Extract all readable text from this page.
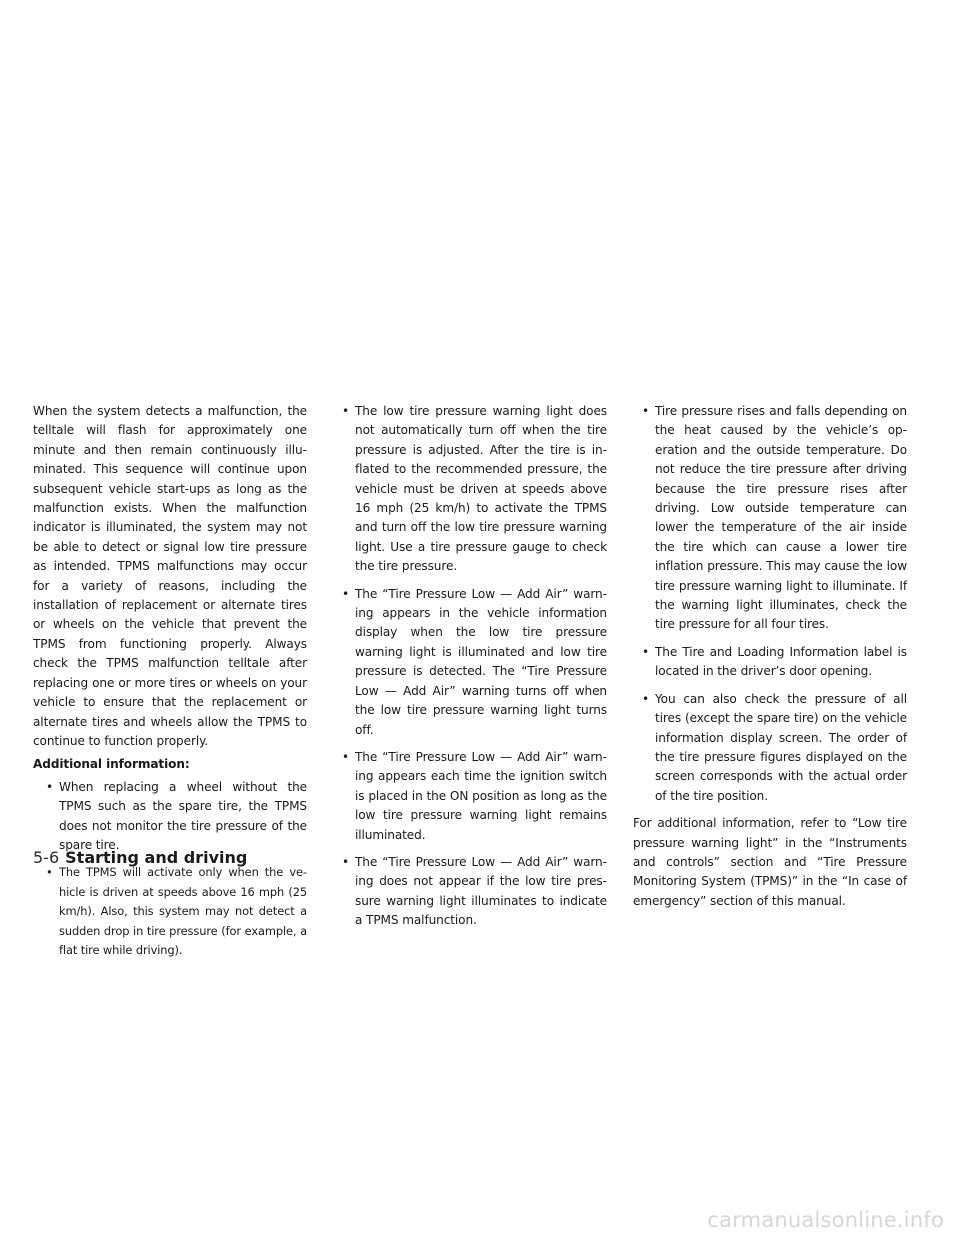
When the system detects a malfunction, the telltale will flash for approximately one minute and then remain continuously illuminated. This sequence will continue upon subsequent vehicle start-ups as long as the malfunction exists. When the malfunction indicator is illuminated, the system may not be able to detect or signal low tire pressure as intended. TPMS malfunctions may occur for a variety of reasons, including the installation of replacement or alternate tires or wheels on the vehicle that prevent the TPMS from functioning properly. Always check the TPMS malfunction telltale after replacing one or more tires or wheels on your vehicle to ensure that the replacement or alternate tires and wheels allow the TPMS to continue to function properly.

Additional information:

• When replacing a wheel without the TPMS such as the spare tire, the TPMS does not monitor the tire pressure of the spare tire.
• The TPMS will activate only when the vehicle is driven at speeds above 16 mph (25 km/h). Also, this system may not detect a sudden drop in tire pressure (for example, a flat tire while driving).
• The low tire pressure warning light does not automatically turn off when the tire pressure is adjusted. After the tire is inflated to the recommended pressure, the vehicle must be driven at speeds above 16 mph (25 km/h) to activate the TPMS and turn off the low tire pressure warning light. Use a tire pressure gauge to check the tire pressure.
• The “Tire Pressure Low — Add Air” warning appears in the vehicle information display when the low tire pressure warning light is illuminated and low tire pressure is detected. The “Tire Pressure Low — Add Air” warning turns off when the low tire pressure warning light turns off.
• The “Tire Pressure Low — Add Air” warning appears each time the ignition switch is placed in the ON position as long as the low tire pressure warning light remains illuminated.
• The “Tire Pressure Low — Add Air” warning does not appear if the low tire pressure warning light illuminates to indicate a TPMS malfunction.
• Tire pressure rises and falls depending on the heat caused by the vehicle’s operation and the outside temperature. Do not reduce the tire pressure after driving because the tire pressure rises after driving. Low outside temperature can lower the temperature of the air inside the tire which can cause a lower tire inflation pressure. This may cause the low tire pressure warning light to illuminate. If the warning light illuminates, check the tire pressure for all four tires.
• The Tire and Loading Information label is located in the driver’s door opening.
• You can also check the pressure of all tires (except the spare tire) on the vehicle information display screen. The order of the tire pressure figures displayed on the screen corresponds with the actual order of the tire position.

For additional information, refer to “Low tire pressure warning light” in the “Instruments and controls” section and “Tire Pressure Monitoring System (TPMS)” in the “In case of emergency” section of this manual.

5-6 Starting and driving
carmanualsonline.info
